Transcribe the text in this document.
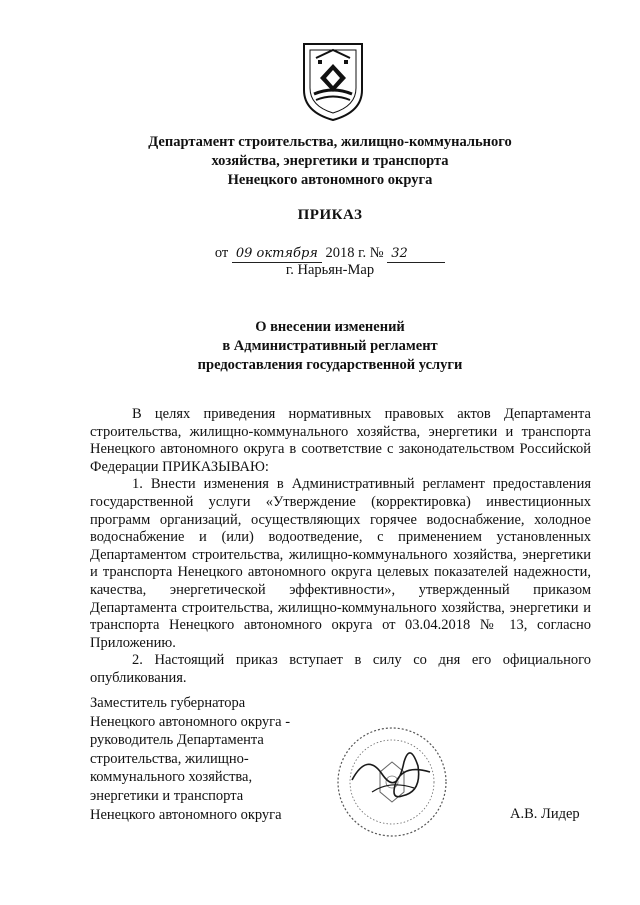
Департамент строительства, жилищно-коммунального
хозяйства, энергетики и транспорта
Ненецкого автономного округа
ПРИКАЗ
от 09 октября 2018 г. № 32
г. Нарьян-Мар
О внесении изменений
в Административный регламент
предоставления государственной услуги

В целях приведения нормативных правовых актов Департамента строительства, жилищно-коммунального хозяйства, энергетики и транспорта Ненецкого автономного округа в соответствие с законодательством Российской Федерации ПРИКАЗЫВАЮ:

1. Внести изменения в Административный регламент предоставления государственной услуги «Утверждение (корректировка) инвестиционных программ организаций, осуществляющих горячее водоснабжение, холодное водоснабжение и (или) водоотведение, с применением установленных Департаментом строительства, жилищно-коммунального хозяйства, энергетики и транспорта Ненецкого автономного округа целевых показателей надежности, качества, энергетической эффективности», утвержденный приказом Департамента строительства, жилищно-коммунального хозяйства, энергетики и транспорта Ненецкого автономного округа от 03.04.2018 № 13, согласно Приложению.

2. Настоящий приказ вступает в силу со дня его официального опубликования.

Заместитель губернатора
Ненецкого автономного округа -
руководитель Департамента
строительства, жилищно-
коммунального хозяйства,
энергетики и транспорта
Ненецкого автономного округа	А.В. Лидер
